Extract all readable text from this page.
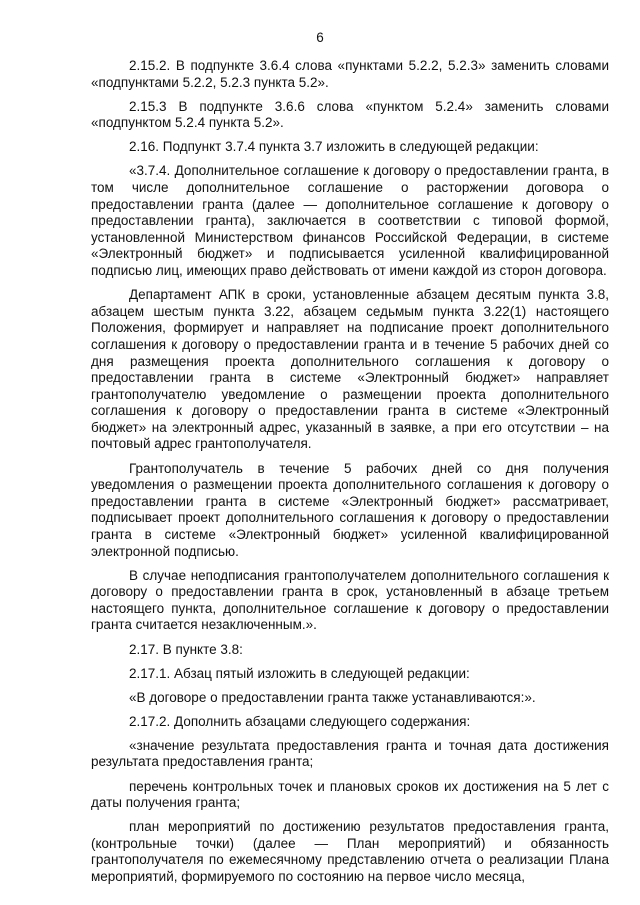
6

2.15.2. В подпункте 3.6.4 слова «пунктами 5.2.2, 5.2.3» заменить словами «подпунктами 5.2.2, 5.2.3 пункта 5.2».

2.15.3 В подпункте 3.6.6 слова «пунктом 5.2.4» заменить словами «подпунктом 5.2.4 пункта 5.2».

2.16. Подпункт 3.7.4 пункта 3.7 изложить в следующей редакции:

«3.7.4. Дополнительное соглашение к договору о предоставлении гранта, в том числе дополнительное соглашение о расторжении договора о предоставлении гранта (далее — дополнительное соглашение к договору о предоставлении гранта), заключается в соответствии с типовой формой, установленной Министерством финансов Российской Федерации, в системе «Электронный бюджет» и подписывается усиленной квалифицированной подписью лиц, имеющих право действовать от имени каждой из сторон договора.

Департамент АПК в сроки, установленные абзацем десятым пункта 3.8, абзацем шестым пункта 3.22, абзацем седьмым пункта 3.22(1) настоящего Положения, формирует и направляет на подписание проект дополнительного соглашения к договору о предоставлении гранта и в течение 5 рабочих дней со дня размещения проекта дополнительного соглашения к договору о предоставлении гранта в системе «Электронный бюджет» направляет грантополучателю уведомление о размещении проекта дополнительного соглашения к договору о предоставлении гранта в системе «Электронный бюджет» на электронный адрес, указанный в заявке, а при его отсутствии – на почтовый адрес грантополучателя.

Грантополучатель в течение 5 рабочих дней со дня получения уведомления о размещении проекта дополнительного соглашения к договору о предоставлении гранта в системе «Электронный бюджет» рассматривает, подписывает проект дополнительного соглашения к договору о предоставлении гранта в системе «Электронный бюджет» усиленной квалифицированной электронной подписью.

В случае неподписания грантополучателем дополнительного соглашения к договору о предоставлении гранта в срок, установленный в абзаце третьем настоящего пункта, дополнительное соглашение к договору о предоставлении гранта считается незаключенным.».

2.17. В пункте 3.8:

2.17.1. Абзац пятый изложить в следующей редакции:

«В договоре о предоставлении гранта также устанавливаются:».

2.17.2. Дополнить абзацами следующего содержания:

«значение результата предоставления гранта и точная дата достижения результата предоставления гранта;

перечень контрольных точек и плановых сроков их достижения на 5 лет с даты получения гранта;

план мероприятий по достижению результатов предоставления гранта, (контрольные точки) (далее — План мероприятий) и обязанность грантополучателя по ежемесячному представлению отчета о реализации Плана мероприятий, формируемого по состоянию на первое число месяца,
